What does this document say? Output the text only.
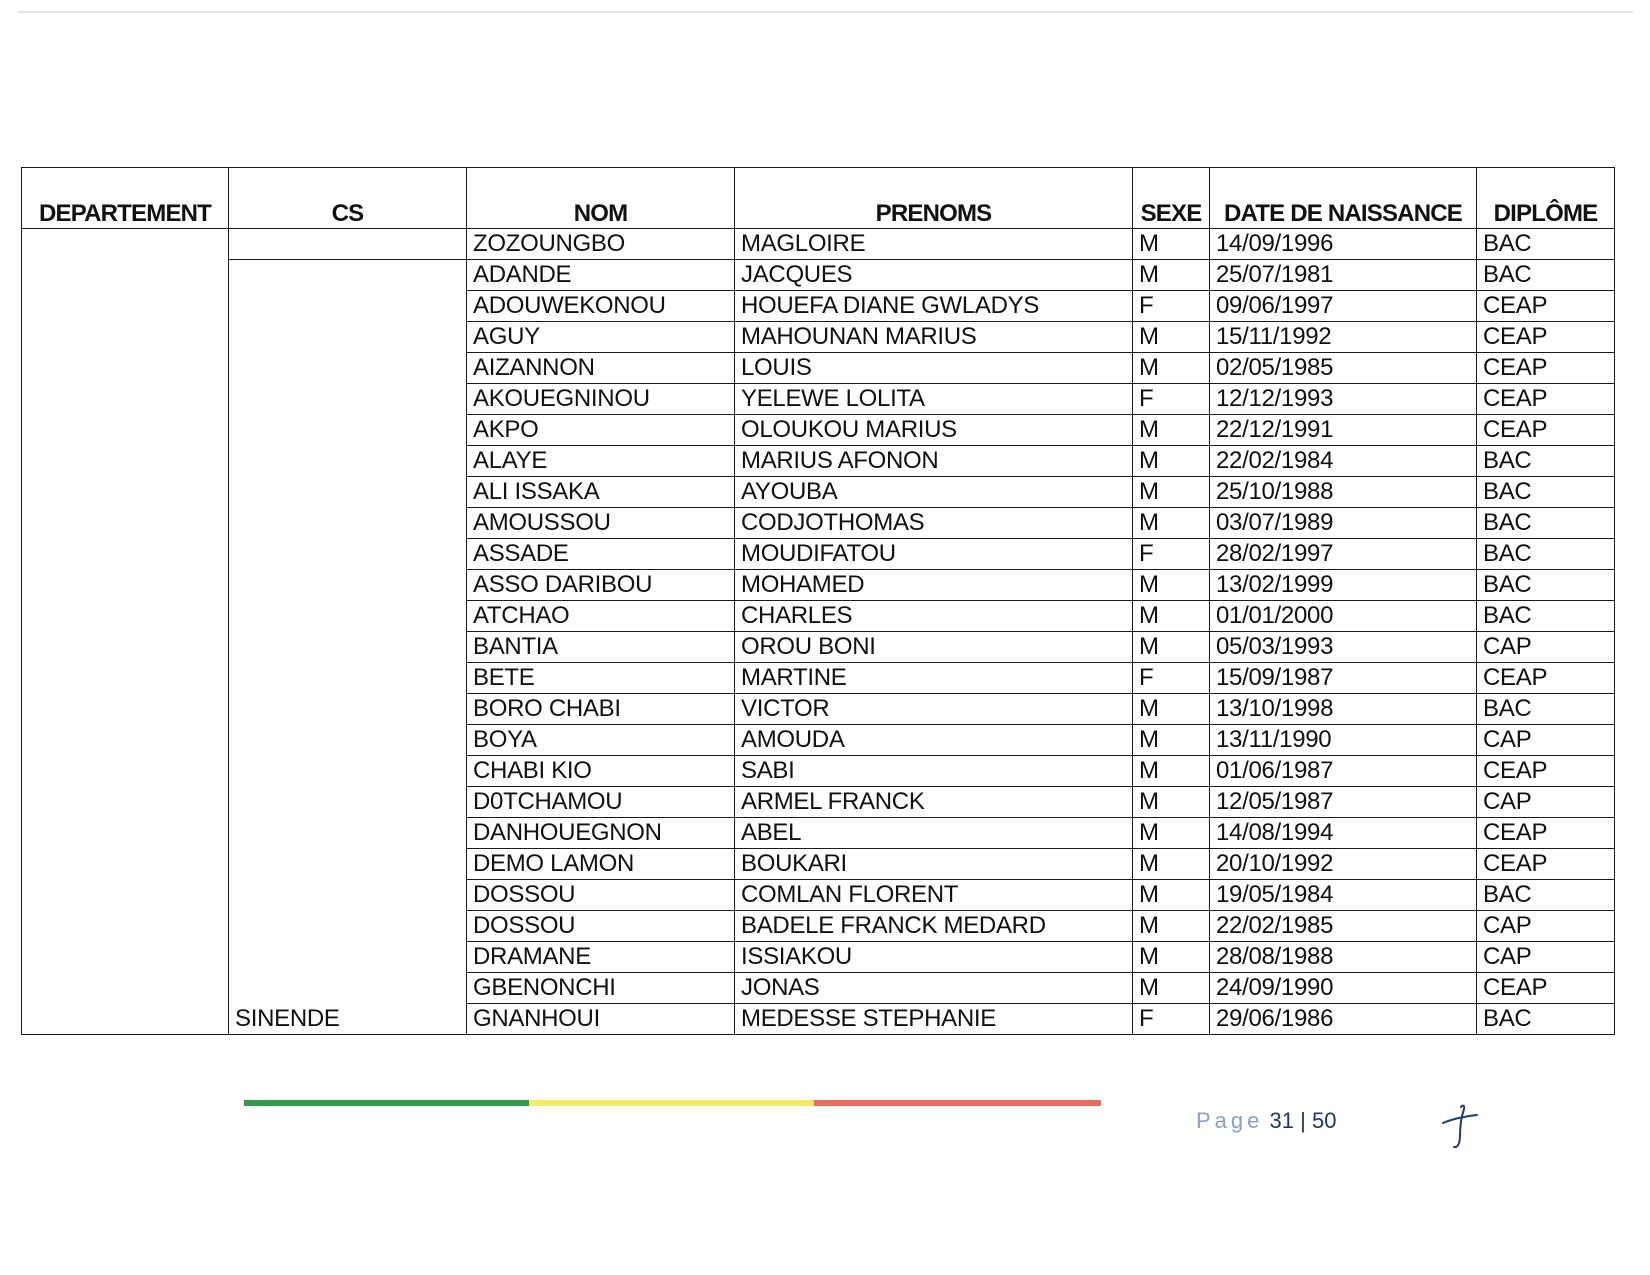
DEPARTEMENT	CS	NOM	PRENOMS	SEXE	DATE DE NAISSANCE	DIPLÔME
		ZOZOUNGBO	MAGLOIRE	M	14/09/1996	BAC
	SINENDE	ADANDE	JACQUES	M	25/07/1981	BAC
		ADOUWEKONOU	HOUEFA DIANE GWLADYS	F	09/06/1997	CEAP
		AGUY	MAHOUNAN MARIUS	M	15/11/1992	CEAP
		AIZANNON	LOUIS	M	02/05/1985	CEAP
		AKOUEGNINOU	YELEWE LOLITA	F	12/12/1993	CEAP
		AKPO	OLOUKOU MARIUS	M	22/12/1991	CEAP
		ALAYE	MARIUS AFONON	M	22/02/1984	BAC
		ALI ISSAKA	AYOUBA	M	25/10/1988	BAC
		AMOUSSOU	CODJOTHOMAS	M	03/07/1989	BAC
		ASSADE	MOUDIFATOU	F	28/02/1997	BAC
		ASSO DARIBOU	MOHAMED	M	13/02/1999	BAC
		ATCHAO	CHARLES	M	01/01/2000	BAC
		BANTIA	OROU BONI	M	05/03/1993	CAP
		BETE	MARTINE	F	15/09/1987	CEAP
		BORO CHABI	VICTOR	M	13/10/1998	BAC
		BOYA	AMOUDA	M	13/11/1990	CAP
		CHABI KIO	SABI	M	01/06/1987	CEAP
		D0TCHAMOU	ARMEL FRANCK	M	12/05/1987	CAP
		DANHOUEGNON	ABEL	M	14/08/1994	CEAP
		DEMO LAMON	BOUKARI	M	20/10/1992	CEAP
		DOSSOU	COMLAN FLORENT	M	19/05/1984	BAC
		DOSSOU	BADELE FRANCK MEDARD	M	22/02/1985	CAP
		DRAMANE	ISSIAKOU	M	28/08/1988	CAP
		GBENONCHI	JONAS	M	24/09/1990	CEAP
		GNANHOUI	MEDESSE STEPHANIE	F	29/06/1986	BAC
Page 31 | 50
